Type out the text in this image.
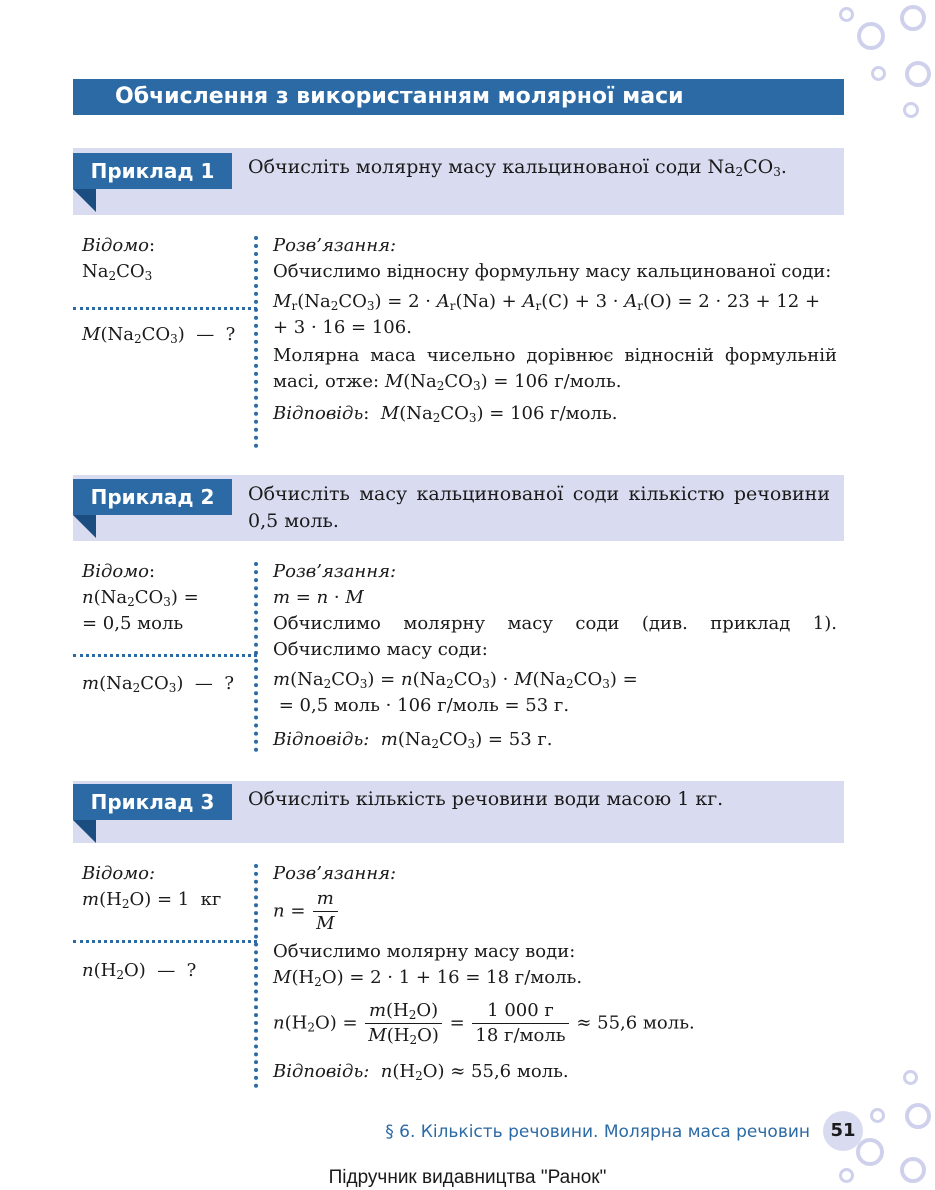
Обчислення з використанням молярної маси
Приклад 1	Обчисліть молярну масу кальцинованої соди $Na_2CO_3$.
Відомо:
$Na_2CO_3$
$M(Na_2CO_3)$  —  ?
Розв’язання:
Обчислимо відносну формульну масу кальцинованої соди:
$M_r(Na_2CO_3) = 2 \cdot A_r(Na) + A_r(C) + 3 \cdot A_r(O) = 2 \cdot 23 + 12$ +
+ 3 · 16 = 106.
Молярна маса чисельно дорівнює відносній формульній масі, отже: $M(Na_2CO_3) = 106$ г/моль.
Відповідь:  $M(Na_2CO_3) = 106$ г/моль.
Приклад 2	Обчисліть масу кальцинованої соди кількістю речовини 0,5 моль.
Відомо:
$n(Na_2CO_3)$ =
= 0,5 моль
$m(Na_2CO_3)$  —  ?
Розв’язання:
m = n · M
Обчислимо молярну масу соди (див. приклад 1). Обчислимо масу соди:
$m(Na_2CO_3) = n(Na_2CO_3) \cdot M(Na_2CO_3)$ =
= 0,5 моль · 106 г/моль = 53 г.
Відповідь: $m(Na_2CO_3) = 53$ г.
Приклад 3	Обчисліть кількість речовини води масою 1 кг.
Відомо:
$m(H_2O) = 1$  кг
$n(H_2O)$  —  ?
Розв’язання:
$n = \frac{m}{M}$
Обчислимо молярну масу води:
$M(H_2O) = 2 \cdot 1 + 16 = 18$ г/моль.
$n(H_2O) = \frac{m(H_2O)}{M(H_2O)} = \frac{1 000 г}{\text{18 г/моль}} \approx 55,6$ моль.
Відповідь: $n(H_2O) \approx 55,6$ моль.
§ 6. Кількість речовини. Молярна маса речовин	51
Підручник видавництва "Ранок"
